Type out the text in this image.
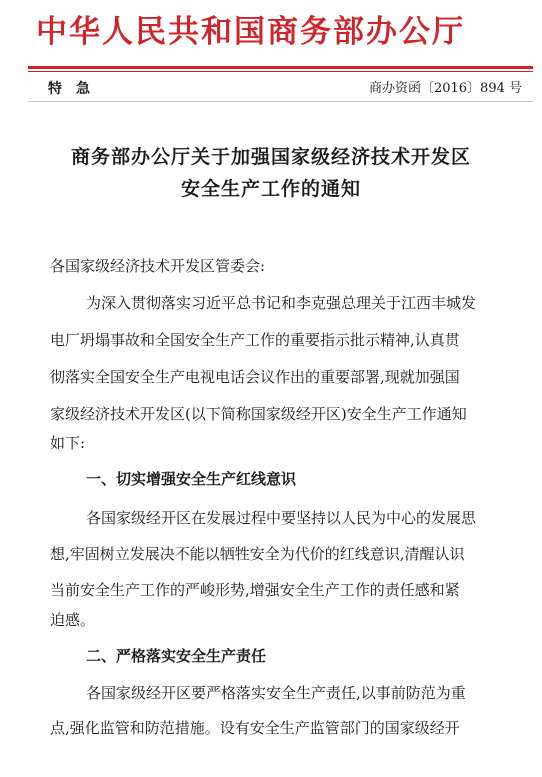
中华人民共和国商务部办公厅
特急	商办资函〔2016〕894 号
商务部办公厅关于加强国家级经济技术开发区
安全生产工作的通知

各国家级经济技术开发区管委会:

为深入贯彻落实习近平总书记和李克强总理关于江西丰城发

电厂坍塌事故和全国安全生产工作的重要指示批示精神,认真贯

彻落实全国安全生产电视电话会议作出的重要部署,现就加强国

家级经济技术开发区(以下简称国家级经开区)安全生产工作通知

如下:

一、切实增强安全生产红线意识

各国家级经开区在发展过程中要坚持以人民为中心的发展思

想,牢固树立发展决不能以牺牲安全为代价的红线意识,清醒认识

当前安全生产工作的严峻形势,增强安全生产工作的责任感和紧

迫感。

二、严格落实安全生产责任

各国家级经开区要严格落实安全生产责任,以事前防范为重

点,强化监管和防范措施。设有安全生产监管部门的国家级经开
